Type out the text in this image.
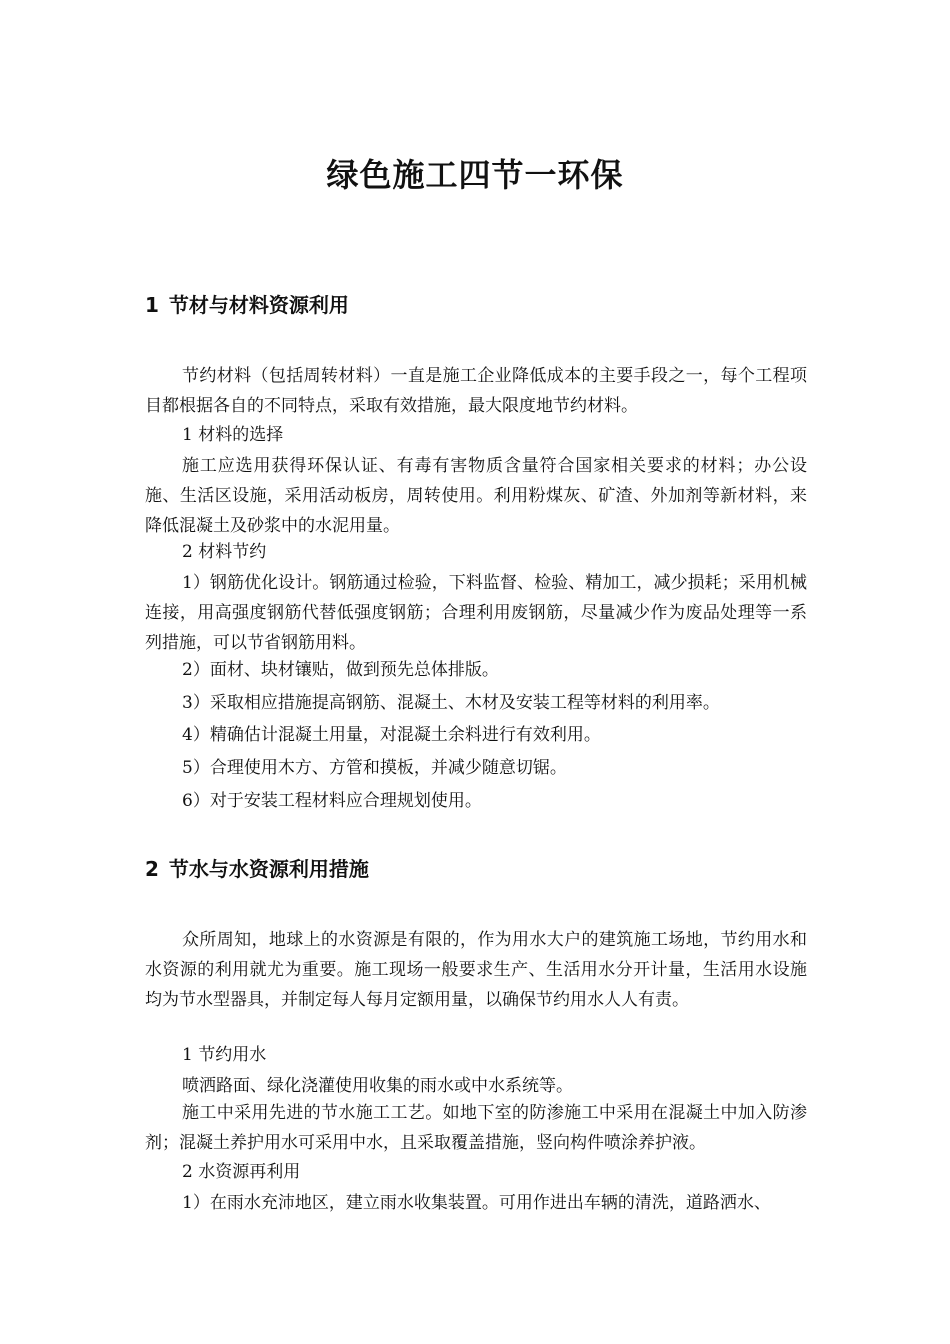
绿色施工四节一环保
1 节材与材料资源利用

节约材料（包括周转材料）一直是施工企业降低成本的主要手段之一，每个工程项目都根据各自的不同特点，采取有效措施，最大限度地节约材料。

1 材料的选择

施工应选用获得环保认证、有毒有害物质含量符合国家相关要求的材料；办公设施、生活区设施，采用活动板房，周转使用。利用粉煤灰、矿渣、外加剂等新材料，来降低混凝土及砂浆中的水泥用量。

2 材料节约

1）钢筋优化设计。钢筋通过检验，下料监督、检验、精加工，减少损耗；采用机械连接，用高强度钢筋代替低强度钢筋；合理利用废钢筋，尽量减少作为废品处理等一系列措施，可以节省钢筋用料。

2）面材、块材镶贴，做到预先总体排版。

3）采取相应措施提高钢筋、混凝土、木材及安装工程等材料的利用率。

4）精确估计混凝土用量，对混凝土余料进行有效利用。

5）合理使用木方、方管和摸板，并减少随意切锯。

6）对于安装工程材料应合理规划使用。

2 节水与水资源利用措施

众所周知，地球上的水资源是有限的，作为用水大户的建筑施工场地，节约用水和水资源的利用就尤为重要。施工现场一般要求生产、生活用水分开计量，生活用水设施均为节水型器具，并制定每人每月定额用量，以确保节约用水人人有责。

1 节约用水

喷洒路面、绿化浇灌使用收集的雨水或中水系统等。

施工中采用先进的节水施工工艺。如地下室的防渗施工中采用在混凝土中加入防渗剂；混凝土养护用水可采用中水，且采取覆盖措施，竖向构件喷涂养护液。

2 水资源再利用

1）在雨水充沛地区，建立雨水收集装置。可用作进出车辆的清洗，道路洒水、
